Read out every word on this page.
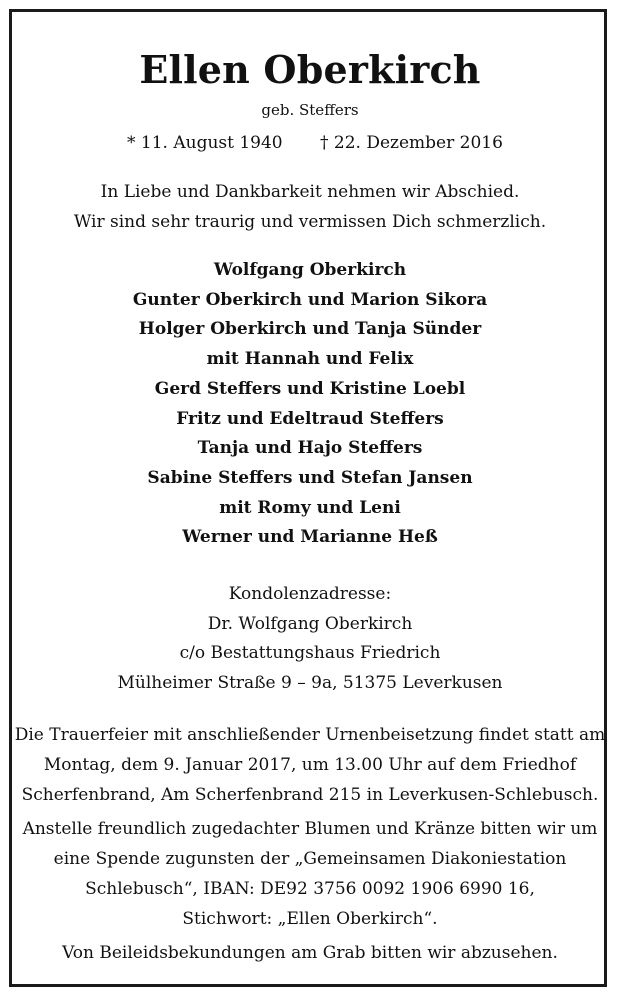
Ellen Oberkirch
geb. Steffers
* 11. August 1940 † 22. Dezember 2016
In Liebe und Dankbarkeit nehmen wir Abschied.
Wir sind sehr traurig und vermissen Dich schmerzlich.
Wolfgang Oberkirch
Gunter Oberkirch und Marion Sikora
Holger Oberkirch und Tanja Sünder
mit Hannah und Felix
Gerd Steffers und Kristine Loebl
Fritz und Edeltraud Steffers
Tanja und Hajo Steffers
Sabine Steffers und Stefan Jansen
mit Romy und Leni
Werner und Marianne Heß
Kondolenzadresse:
Dr. Wolfgang Oberkirch
c/o Bestattungshaus Friedrich
Mülheimer Straße 9 – 9a, 51375 Leverkusen
Die Trauerfeier mit anschließender Urnenbeisetzung findet statt am
Montag, dem 9. Januar 2017, um 13.00 Uhr auf dem Friedhof
Scherfenbrand, Am Scherfenbrand 215 in Leverkusen-Schlebusch.
Anstelle freundlich zugedachter Blumen und Kränze bitten wir um
eine Spende zugunsten der „Gemeinsamen Diakoniestation
Schlebusch“, IBAN: DE92 3756 0092 1906 6990 16,
Stichwort: „Ellen Oberkirch“.
Von Beileidsbekundungen am Grab bitten wir abzusehen.
